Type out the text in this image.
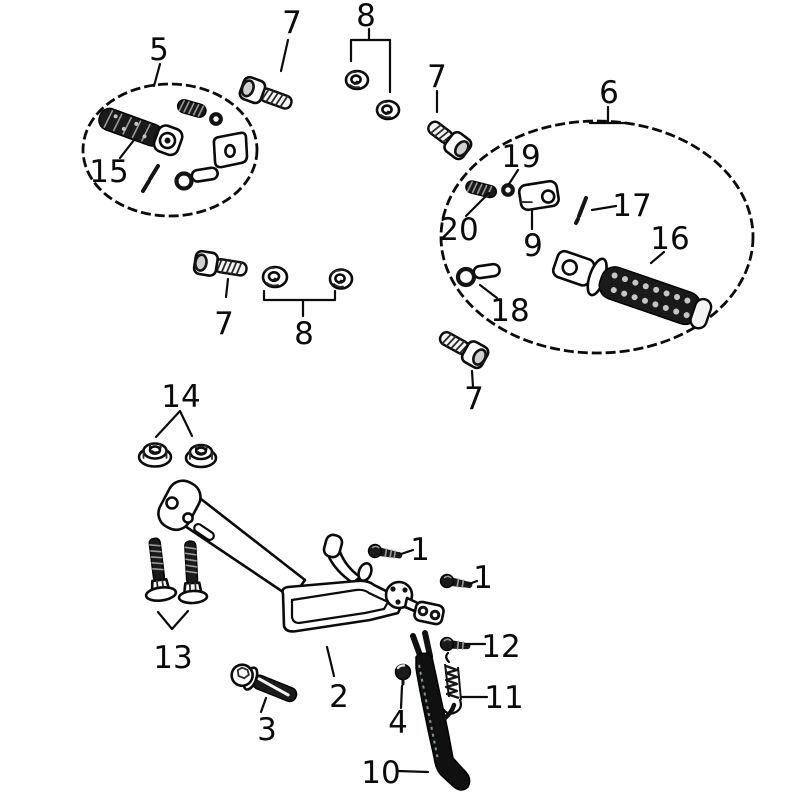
5
7 8
7	6
15	19
20 9
17
16
18
7 8
7
14
1
1
13
2
3
12
11
4
10
